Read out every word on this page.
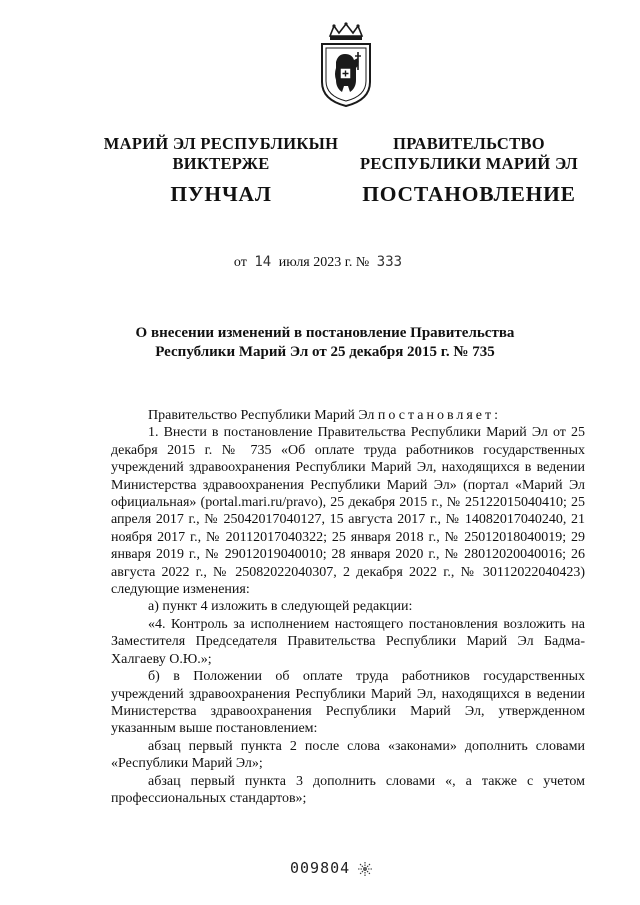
МАРИЙ ЭЛ РЕСПУБЛИКЫН
ВИКТЕРЖЕ
ПУНЧАЛ
ПРАВИТЕЛЬСТВО
РЕСПУБЛИКИ МАРИЙ ЭЛ
ПОСТАНОВЛЕНИЕ
от 14 июля 2023 г. № 333
О внесении изменений в постановление Правительства
Республики Марий Эл от 25 декабря 2015 г. № 735

Правительство Республики Марий Эл постановляет:

1. Внести в постановление Правительства Республики Марий Эл от 25 декабря 2015 г. № 735 «Об оплате труда работников государственных учреждений здравоохранения Республики Марий Эл, находящихся в ведении Министерства здравоохранения Республики Марий Эл» (портал «Марий Эл официальная» (portal.mari.ru/pravo), 25 декабря 2015 г., № 25122015040410; 25 апреля 2017 г., № 25042017040127, 15 августа 2017 г., № 14082017040240, 21 ноября 2017 г., № 20112017040322; 25 января 2018 г., № 25012018040019; 29 января 2019 г., № 29012019040010; 28 января 2020 г., № 28012020040016; 26 августа 2022 г., № 25082022040307, 2 декабря 2022 г., № 30112022040423) следующие изменения:

а) пункт 4 изложить в следующей редакции:

«4. Контроль за исполнением настоящего постановления возложить на Заместителя Председателя Правительства Республики Марий Эл Бадма-Халгаеву О.Ю.»;

б) в Положении об оплате труда работников государственных учреждений здравоохранения Республики Марий Эл, находящихся в ведении Министерства здравоохранения Республики Марий Эл, утвержденном указанным выше постановлением:

абзац первый пункта 2 после слова «законами» дополнить словами «Республики Марий Эл»;

абзац первый пункта 3 дополнить словами «, а также с учетом профессиональных стандартов»;

009804
